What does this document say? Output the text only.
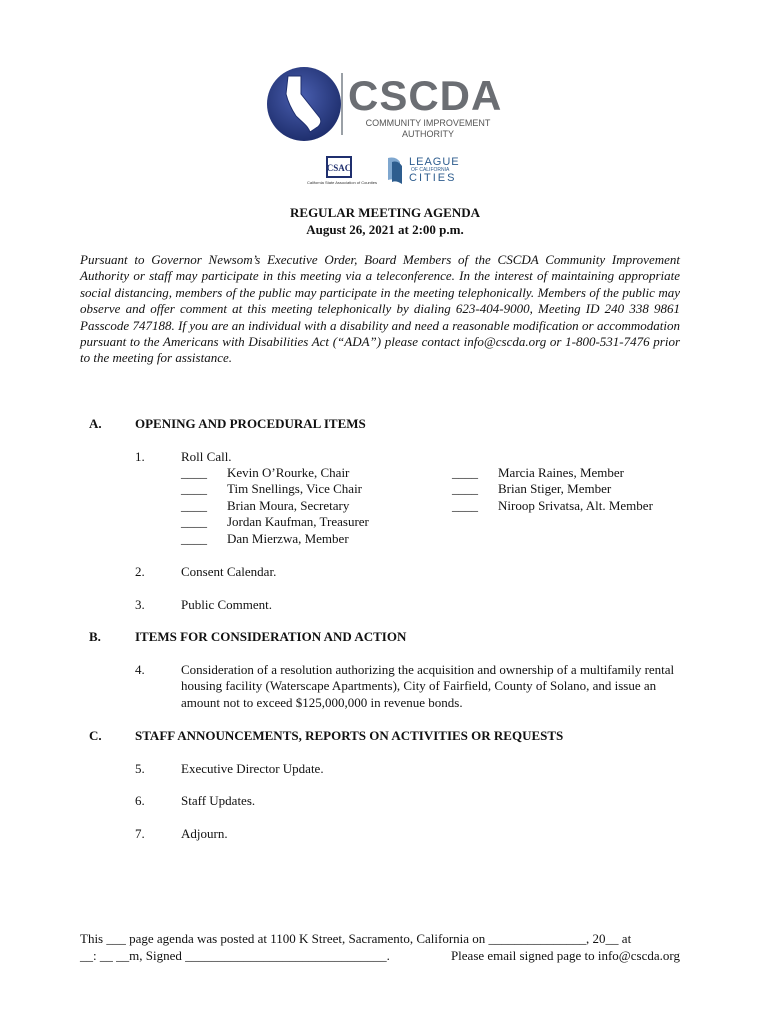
CSCDA
COMMUNITY IMPROVEMENT
AUTHORITY
CSAC
California State Association of Counties
LEAGUE
OF CALIFORNIA
CITIES
REGULAR MEETING AGENDA
August 26, 2021 at 2:00 p.m.
Pursuant to Governor Newsom’s Executive Order, Board Members of the CSCDA Community Improvement Authority or staff may participate in this meeting via a teleconference. In the interest of maintaining appropriate social distancing, members of the public may participate in the meeting telephonically. Members of the public may observe and offer comment at this meeting telephonically by dialing 623-404-9000, Meeting ID 240 338 9861 Passcode 747188. If you are an individual with a disability and need a reasonable modification or accommodation pursuant to the Americans with Disabilities Act (“ADA”) please contact info@cscda.org or 1-800-531-7476 prior to the meeting for assistance.
A.	OPENING AND PROCEDURAL ITEMS
1.	Roll Call.
____ Kevin O’Rourke, Chair
____ Tim Snellings, Vice Chair
____ Brian Moura, Secretary
____ Jordan Kaufman, Treasurer
____ Dan Mierzwa, Member
____ Marcia Raines, Member
____ Brian Stiger, Member
____ Niroop Srivatsa, Alt. Member
2.	Consent Calendar.
3.	Public Comment.
B.	ITEMS FOR CONSIDERATION AND ACTION
4.	Consideration of a resolution authorizing the acquisition and ownership of a multifamily rental housing facility (Waterscape Apartments), City of Fairfield, County of Solano, and issue an amount not to exceed $125,000,000 in revenue bonds.
C.	STAFF ANNOUNCEMENTS, REPORTS ON ACTIVITIES OR REQUESTS
5.	Executive Director Update.
6.	Staff Updates.
7.	Adjourn.
This ___ page agenda was posted at 1100 K Street, Sacramento, California on _______________, 20__ at
__: __ __m, Signed _______________________________.	Please email signed page to info@cscda.org
